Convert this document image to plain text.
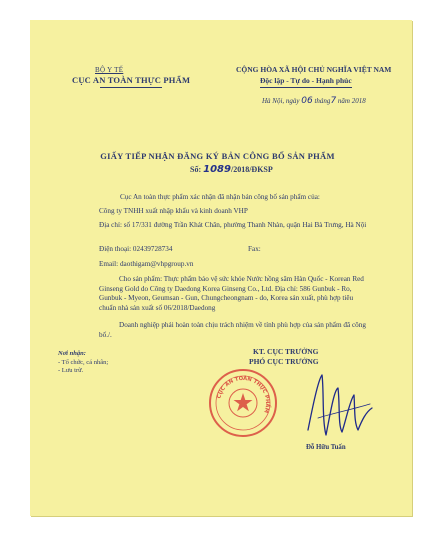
BỘ Y TẾ
CỤC AN TOÀN THỰC PHẨM
CỘNG HÒA XÃ HỘI CHỦ NGHĨA VIỆT NAM
Độc lập - Tự do - Hạnh phúc
Hà Nội, ngày 06 tháng7 năm 2018
GIẤY TIẾP NHẬN ĐĂNG KÝ BẢN CÔNG BỐ SẢN PHẨM
Số: 1089/2018/ĐKSP
Cục An toàn thực phẩm xác nhận đã nhận bản công bố sản phẩm của:
Công ty TNHH xuất nhập khẩu và kinh doanh VHP
Địa chỉ: số 17/331 đường Trần Khát Chân, phường Thanh Nhàn, quận Hai Bà Trưng, Hà Nội
Điện thoại: 02439728734	Fax:
Email: daothigam@vhpgroup.vn
Cho sản phẩm: Thực phẩm bảo vệ sức khỏe Nước hồng sâm Hàn Quốc - Korean Red Ginseng Gold do Công ty Daedong Korea Ginseng Co., Ltd. Địa chỉ: 586 Gunbuk - Ro, Gunbuk - Myeon, Geumsan - Gun, Chungcheongnam - do, Korea sản xuất, phù hợp tiêu chuẩn nhà sản xuất số 06/2018/Daedong
Doanh nghiệp phải hoàn toàn chịu trách nhiệm về tính phù hợp của sản phẩm đã công bố./.
Nơi nhận:
- Tổ chức, cá nhân;
- Lưu trữ.
KT. CỤC TRƯỞNG
PHÓ CỤC TRƯỞNG
CỤC AN TOÀN THỰC PHẨM
Đỗ Hữu Tuấn
